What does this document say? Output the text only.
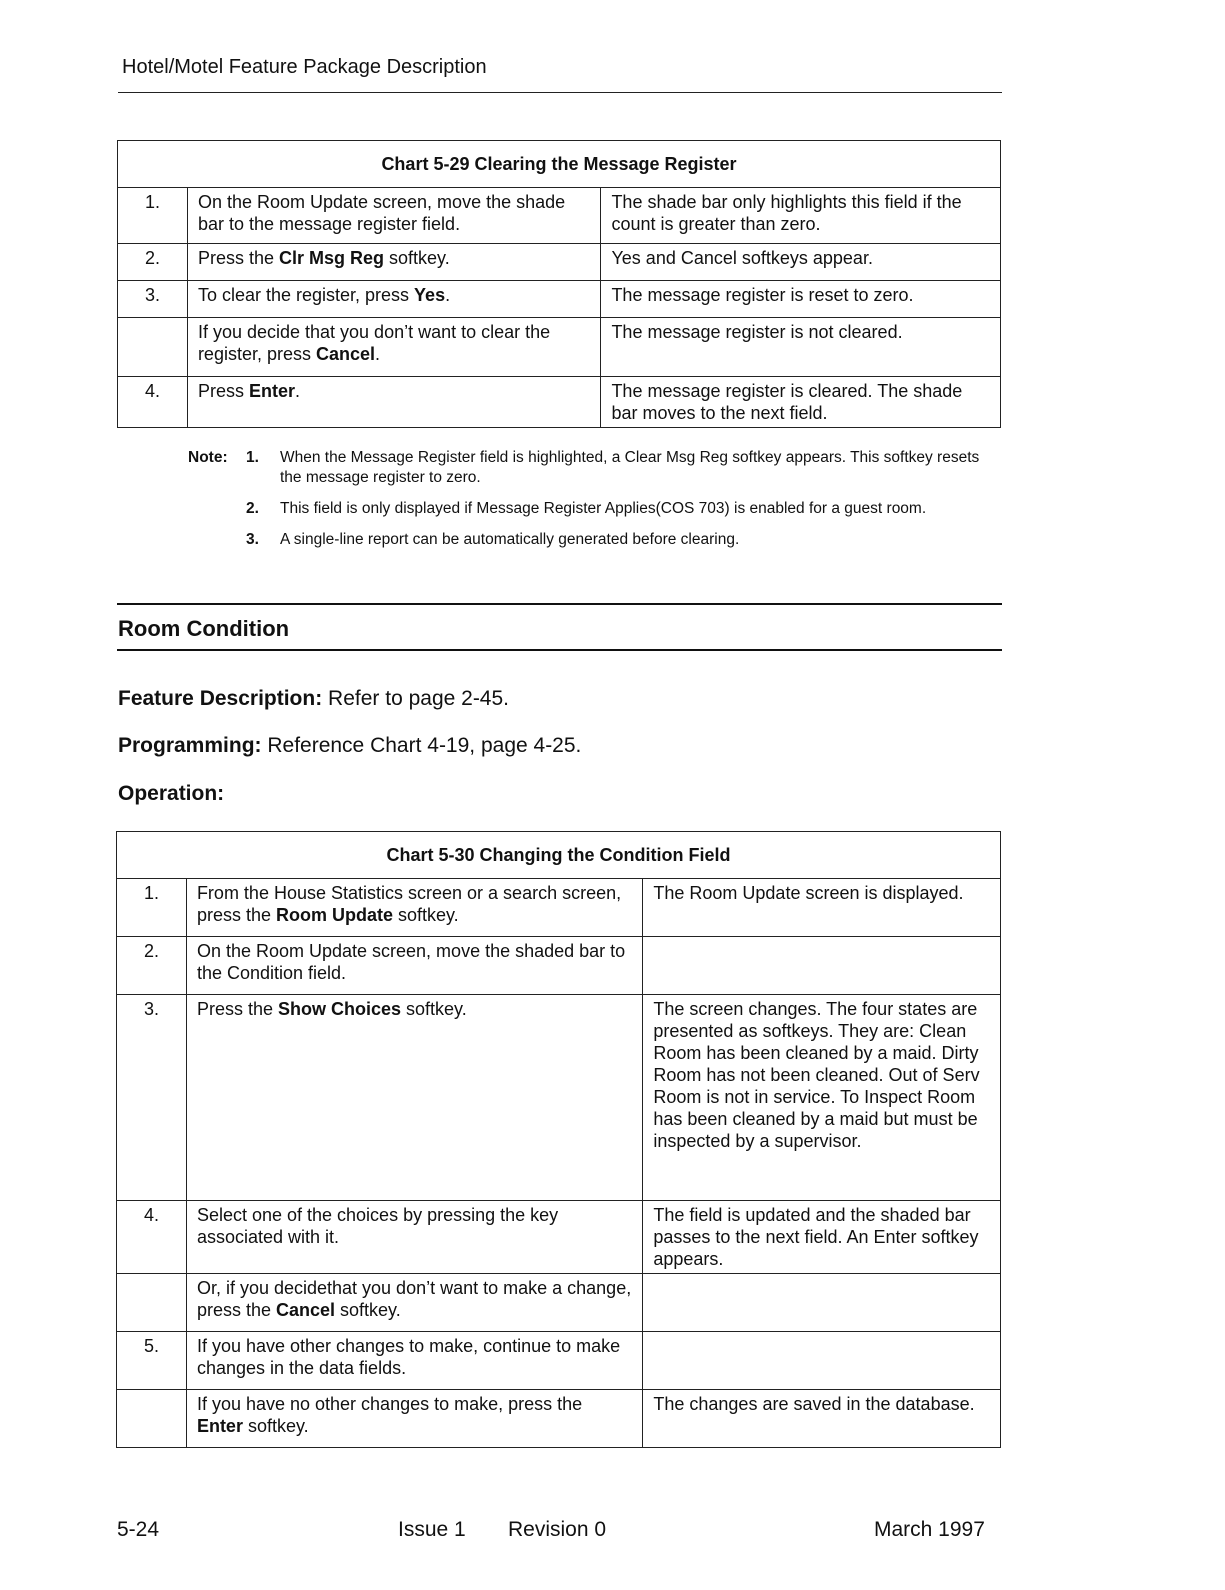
Hotel/Motel Feature Package Description
Chart 5-29 Clearing the Message Register		
1.	On the Room Update screen, move the shade bar to the message register field.	The shade bar only highlights this field if the count is greater than zero.
2.	Press the Clr Msg Reg softkey.	Yes and Cancel softkeys appear.
3.	To clear the register, press Yes.	The message register is reset to zero.
	If you decide that you don’t want to clear the register, press Cancel.	The message register is not cleared.
4.	Press Enter.	The message register is cleared. The shade bar moves to the next field.
Note:	1.	When the Message Register field is highlighted, a Clear Msg Reg softkey appears. This softkey resets the message register to zero.
2.	This field is only displayed if Message Register Applies(COS 703) is enabled for a guest room.
3.	A single-line report can be automatically generated before clearing.
Room Condition
Feature Description: Refer to page 2-45.
Programming: Reference Chart 4-19, page 4-25.
Operation:
Chart 5-30 Changing the Condition Field		
1.	From the House Statistics screen or a search screen, press the Room Update softkey.	The Room Update screen is displayed.
2.	On the Room Update screen, move the shaded bar to the Condition field.	
3.	Press the Show Choices softkey.	The screen changes. The four states are presented as softkeys. They are: Clean Room has been cleaned by a maid. Dirty Room has not been cleaned. Out of Serv Room is not in service. To Inspect Room has been cleaned by a maid but must be inspected by a supervisor.
4.	Select one of the choices by pressing the key associated with it.	The field is updated and the shaded bar passes to the next field. An Enter softkey appears.
	Or, if you decidethat you don’t want to make a change, press the Cancel softkey.	
5.	If you have other changes to make, continue to make changes in the data fields.	
	If you have no other changes to make, press the Enter softkey.	The changes are saved in the database.
5-24	Issue 1 Revision 0	March 1997
